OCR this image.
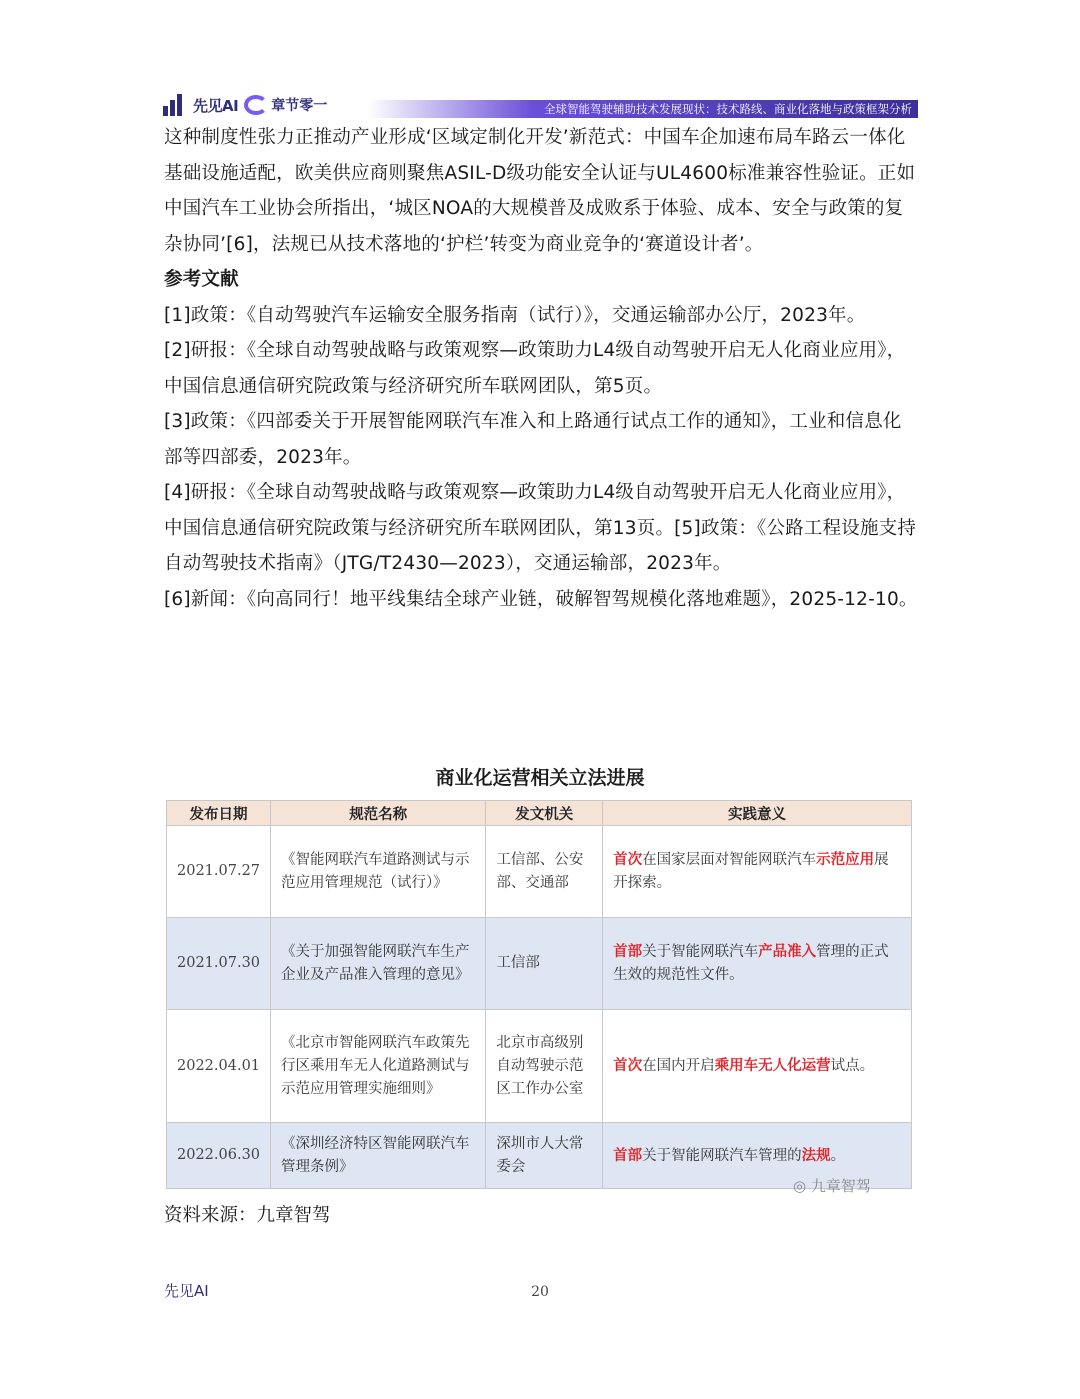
先见AI 章节零一	全球智能驾驶辅助技术发展现状：技术路线、商业化落地与政策框架分析

这种制度性张力正推动产业形成‘区域定制化开发’新范式：中国车企加速布局车路云一体化基础设施适配，欧美供应商则聚焦ASIL-D级功能安全认证与UL4600标准兼容性验证。正如中国汽车工业协会所指出，‘城区NOA的大规模普及成败系于体验、成本、安全与政策的复杂协同’[6]，法规已从技术落地的‘护栏’转变为商业竞争的‘赛道设计者’。

参考文献

[1]政策：《自动驾驶汽车运输安全服务指南（试行）》，交通运输部办公厅，2023年。

[2]研报：《全球自动驾驶战略与政策观察—政策助力L4级自动驾驶开启无人化商业应用》，中国信息通信研究院政策与经济研究所车联网团队，第5页。

[3]政策：《四部委关于开展智能网联汽车准入和上路通行试点工作的通知》，工业和信息化部等四部委，2023年。

[4]研报：《全球自动驾驶战略与政策观察—政策助力L4级自动驾驶开启无人化商业应用》，中国信息通信研究院政策与经济研究所车联网团队，第13页。[5]政策：《公路工程设施支持自动驾驶技术指南》（JTG/T2430—2023），交通运输部，2023年。

[6]新闻：《向高同行！地平线集结全球产业链，破解智驾规模化落地难题》，2025-12-10。

商业化运营相关立法进展
发布日期	规范名称	发文机关	实践意义
2021.07.27	《智能网联汽车道路测试与示范应用管理规范（试行）》	工信部、公安部、交通部	首次在国家层面对智能网联汽车示范应用展开探索。
2021.07.30	《关于加强智能网联汽车生产企业及产品准入管理的意见》	工信部	首部关于智能网联汽车产品准入管理的正式生效的规范性文件。
2022.04.01	《北京市智能网联汽车政策先行区乘用车无人化道路测试与示范应用管理实施细则》	北京市高级别自动驾驶示范区工作办公室	首次在国内开启乘用车无人化运营试点。
2022.06.30	《深圳经济特区智能网联汽车管理条例》	深圳市人大常委会	首部关于智能网联汽车管理的法规。
◎ 九章智驾
资料来源：九章智驾
先见AI	20
